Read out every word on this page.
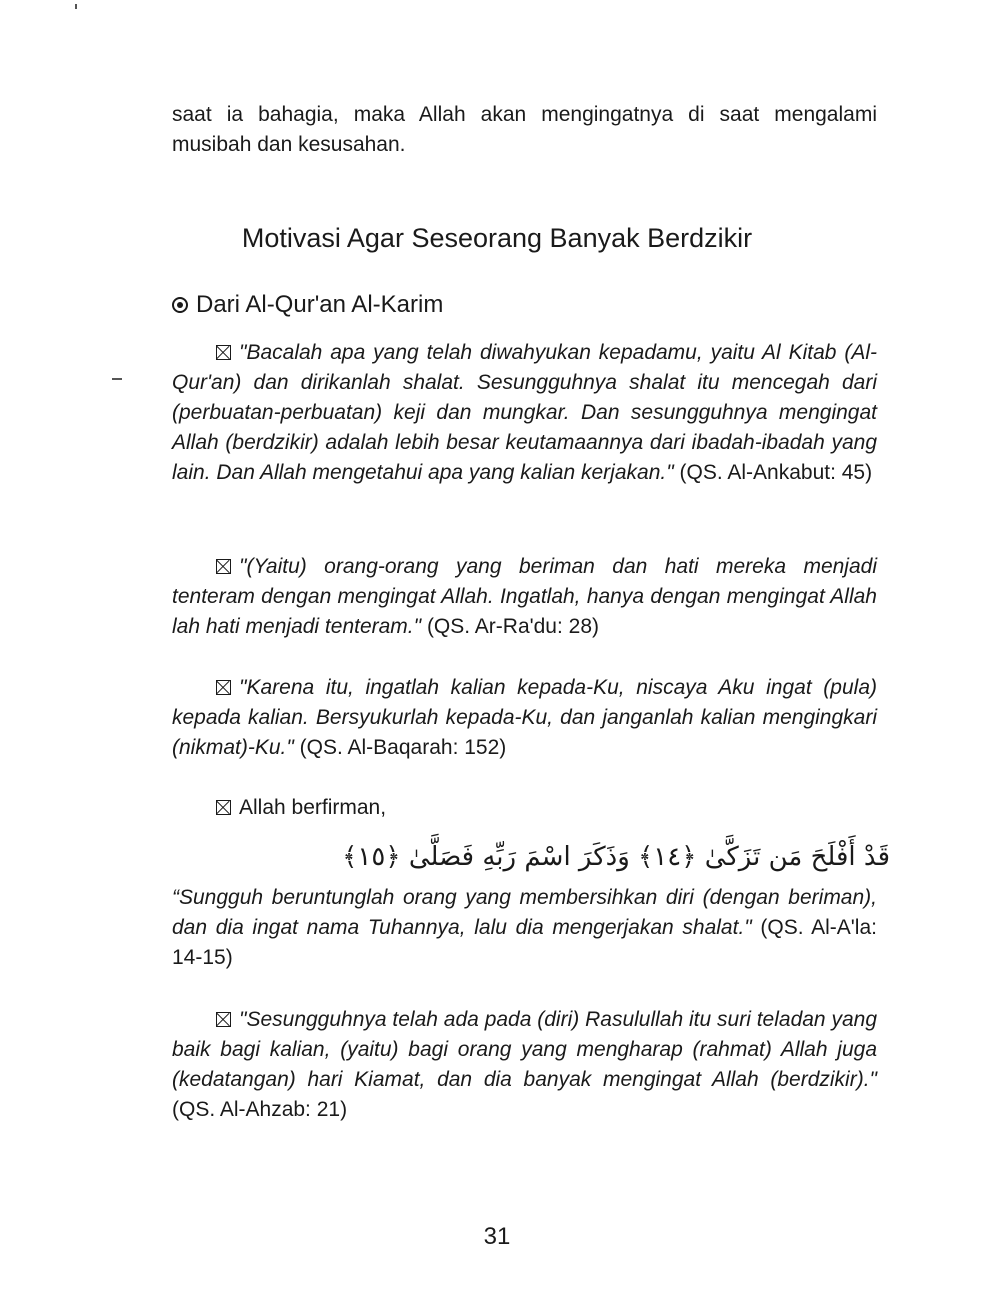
saat ia bahagia, maka Allah akan mengingatnya di saat mengalami musibah dan kesusahan.
Motivasi Agar Seseorang Banyak Berdzikir
Dari Al-Qur'an Al-Karim
"Bacalah apa yang telah diwahyukan kepadamu, yaitu Al Kitab (Al-Qur'an) dan dirikanlah shalat. Sesungguhnya shalat itu mencegah dari (perbuatan-perbuatan) keji dan mungkar. Dan sesungguhnya mengingat Allah (berdzikir) adalah lebih besar keutamaannya dari ibadah-ibadah yang lain. Dan Allah mengetahui apa yang kalian kerjakan." (QS. Al-Ankabut: 45)
"(Yaitu) orang-orang yang beriman dan hati mereka menjadi tenteram dengan mengingat Allah. Ingatlah, hanya dengan mengingat Allah lah hati menjadi tenteram." (QS. Ar-Ra'du: 28)
"Karena itu, ingatlah kalian kepada-Ku, niscaya Aku ingat (pula) kepada kalian. Bersyukurlah kepada-Ku, dan janganlah kalian mengingkari (nikmat)-Ku." (QS. Al-Baqarah: 152)
Allah berfirman,
قَدْ أَفْلَحَ مَن تَزَكَّىٰ ﴿١٤﴾ وَذَكَرَ اسْمَ رَبِّهِ فَصَلَّىٰ ﴿١٥﴾
“Sungguh beruntunglah orang yang membersihkan diri (dengan beriman), dan dia ingat nama Tuhannya, lalu dia mengerjakan shalat." (QS. Al-A'la: 14-15)
"Sesungguhnya telah ada pada (diri) Rasulullah itu suri teladan yang baik bagi kalian, (yaitu) bagi orang yang mengharap (rahmat) Allah juga (kedatangan) hari Kiamat, dan dia banyak mengingat Allah (berdzikir)." (QS. Al-Ahzab: 21)
31
